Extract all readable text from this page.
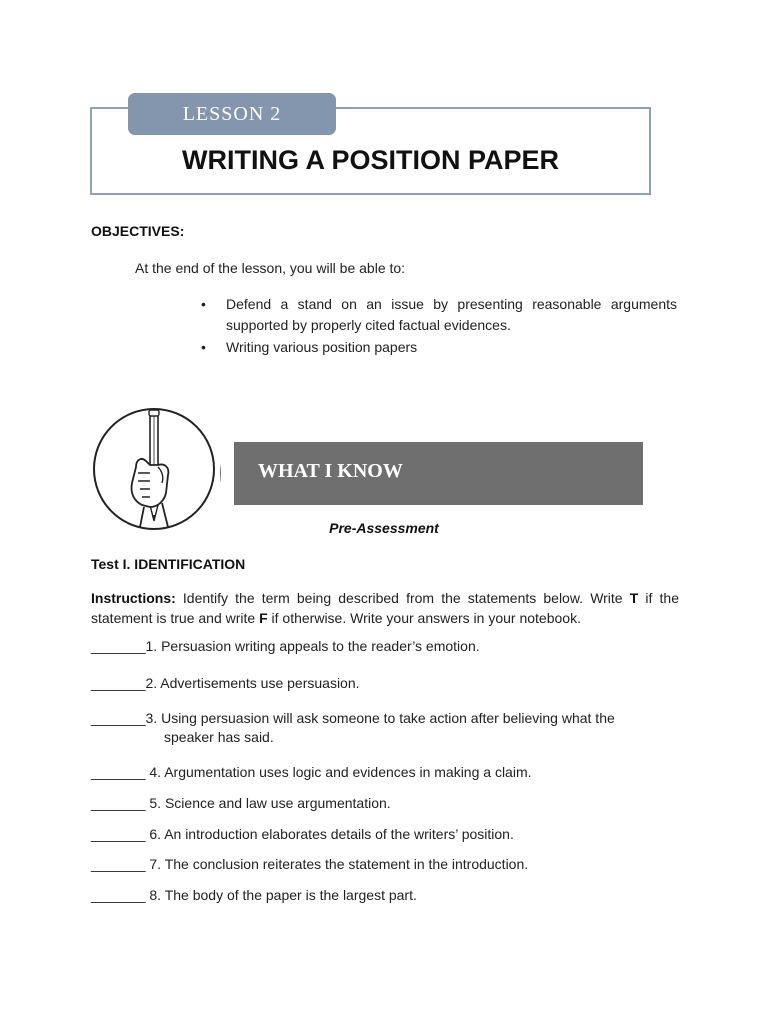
LESSON 2
WRITING A POSITION PAPER
OBJECTIVES:
At the end of the lesson, you will be able to:
• Defend a stand on an issue by presenting reasonable arguments supported by properly cited factual evidences.
• Writing various position papers
WHAT I KNOW
Pre-Assessment
Test I. IDENTIFICATION
Instructions: Identify the term being described from the statements below. Write T if the statement is true and write F if otherwise. Write your answers in your notebook.
_______1. Persuasion writing appeals to the reader’s emotion.
_______2. Advertisements use persuasion.
_______3. Using persuasion will ask someone to take action after believing what the
speaker has said.
_______ 4. Argumentation uses logic and evidences in making a claim.
_______ 5. Science and law use argumentation.
_______ 6. An introduction elaborates details of the writers’ position.
_______ 7. The conclusion reiterates the statement in the introduction.
_______ 8. The body of the paper is the largest part.
